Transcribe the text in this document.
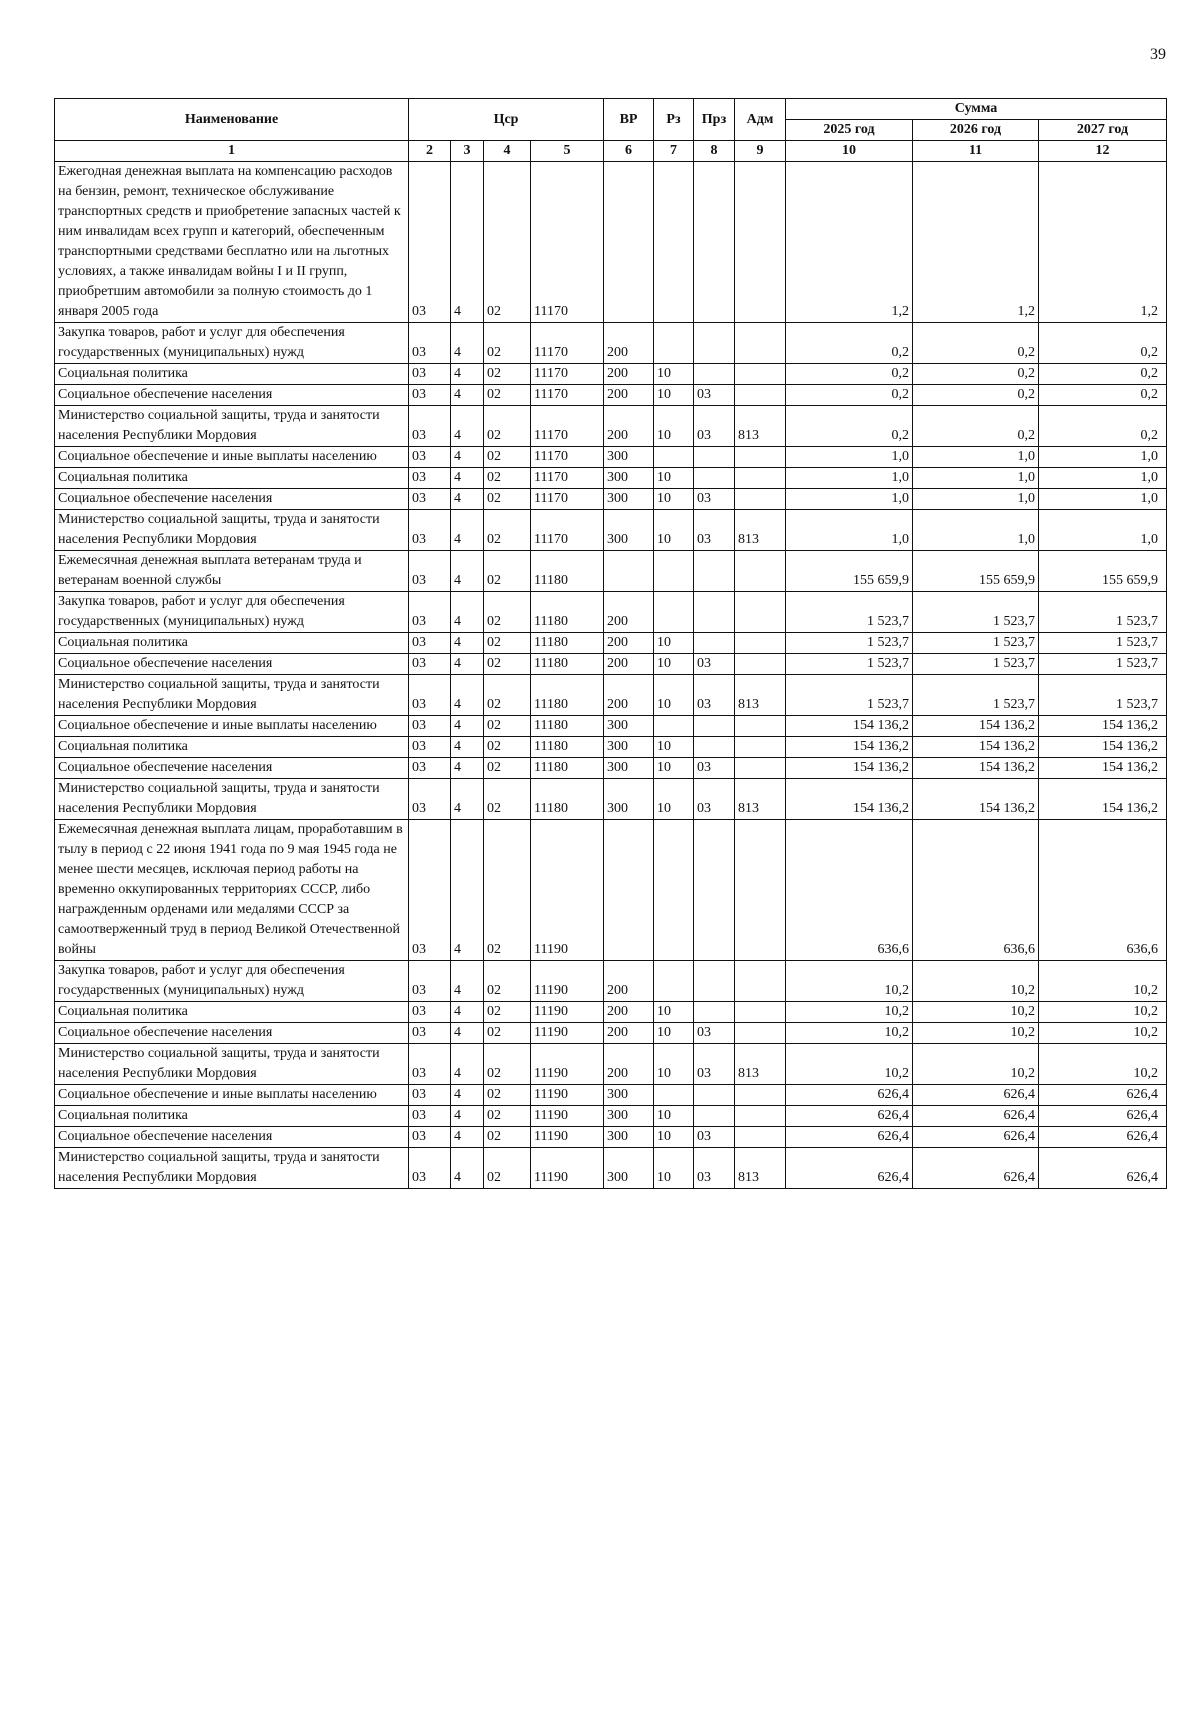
39
Наименование	Цср				ВР	Рз	Прз	Адм	Сумма		
									2025 год	2026 год	2027 год
1	2	3	4	5	6	7	8	9	10	11	12
Ежегодная денежная выплата на компенсацию расходов на бензин, ремонт, техническое обслуживание транспортных средств и приобретение запасных частей к ним инвалидам всех групп и категорий, обеспеченным транспортными средствами бесплатно или на льготных условиях, а также инвалидам войны I и II групп, приобретшим автомобили за полную стоимость до 1 января 2005 года	03	4	02	11170					1,2	1,2	1,2
Закупка товаров, работ и услуг для обеспечения государственных (муниципальных) нужд	03	4	02	11170	200				0,2	0,2	0,2
Социальная политика	03	4	02	11170	200	10			0,2	0,2	0,2
Социальное обеспечение населения	03	4	02	11170	200	10	03		0,2	0,2	0,2
Министерство социальной защиты, труда и занятости населения Республики Мордовия	03	4	02	11170	200	10	03	813	0,2	0,2	0,2
Социальное обеспечение и иные выплаты населению	03	4	02	11170	300				1,0	1,0	1,0
Социальная политика	03	4	02	11170	300	10			1,0	1,0	1,0
Социальное обеспечение населения	03	4	02	11170	300	10	03		1,0	1,0	1,0
Министерство социальной защиты, труда и занятости населения Республики Мордовия	03	4	02	11170	300	10	03	813	1,0	1,0	1,0
Ежемесячная денежная выплата ветеранам труда и ветеранам военной службы	03	4	02	11180					155 659,9	155 659,9	155 659,9
Закупка товаров, работ и услуг для обеспечения государственных (муниципальных) нужд	03	4	02	11180	200				1 523,7	1 523,7	1 523,7
Социальная политика	03	4	02	11180	200	10			1 523,7	1 523,7	1 523,7
Социальное обеспечение населения	03	4	02	11180	200	10	03		1 523,7	1 523,7	1 523,7
Министерство социальной защиты, труда и занятости населения Республики Мордовия	03	4	02	11180	200	10	03	813	1 523,7	1 523,7	1 523,7
Социальное обеспечение и иные выплаты населению	03	4	02	11180	300				154 136,2	154 136,2	154 136,2
Социальная политика	03	4	02	11180	300	10			154 136,2	154 136,2	154 136,2
Социальное обеспечение населения	03	4	02	11180	300	10	03		154 136,2	154 136,2	154 136,2
Министерство социальной защиты, труда и занятости населения Республики Мордовия	03	4	02	11180	300	10	03	813	154 136,2	154 136,2	154 136,2
Ежемесячная денежная выплата лицам, проработавшим в тылу в период с 22 июня 1941 года по 9 мая 1945 года не менее шести месяцев, исключая период работы на временно оккупированных территориях СССР, либо награжденным орденами или медалями СССР за самоотверженный труд в период Великой Отечественной войны	03	4	02	11190					636,6	636,6	636,6
Закупка товаров, работ и услуг для обеспечения государственных (муниципальных) нужд	03	4	02	11190	200				10,2	10,2	10,2
Социальная политика	03	4	02	11190	200	10			10,2	10,2	10,2
Социальное обеспечение населения	03	4	02	11190	200	10	03		10,2	10,2	10,2
Министерство социальной защиты, труда и занятости населения Республики Мордовия	03	4	02	11190	200	10	03	813	10,2	10,2	10,2
Социальное обеспечение и иные выплаты населению	03	4	02	11190	300				626,4	626,4	626,4
Социальная политика	03	4	02	11190	300	10			626,4	626,4	626,4
Социальное обеспечение населения	03	4	02	11190	300	10	03		626,4	626,4	626,4
Министерство социальной защиты, труда и занятости населения Республики Мордовия	03	4	02	11190	300	10	03	813	626,4	626,4	626,4
